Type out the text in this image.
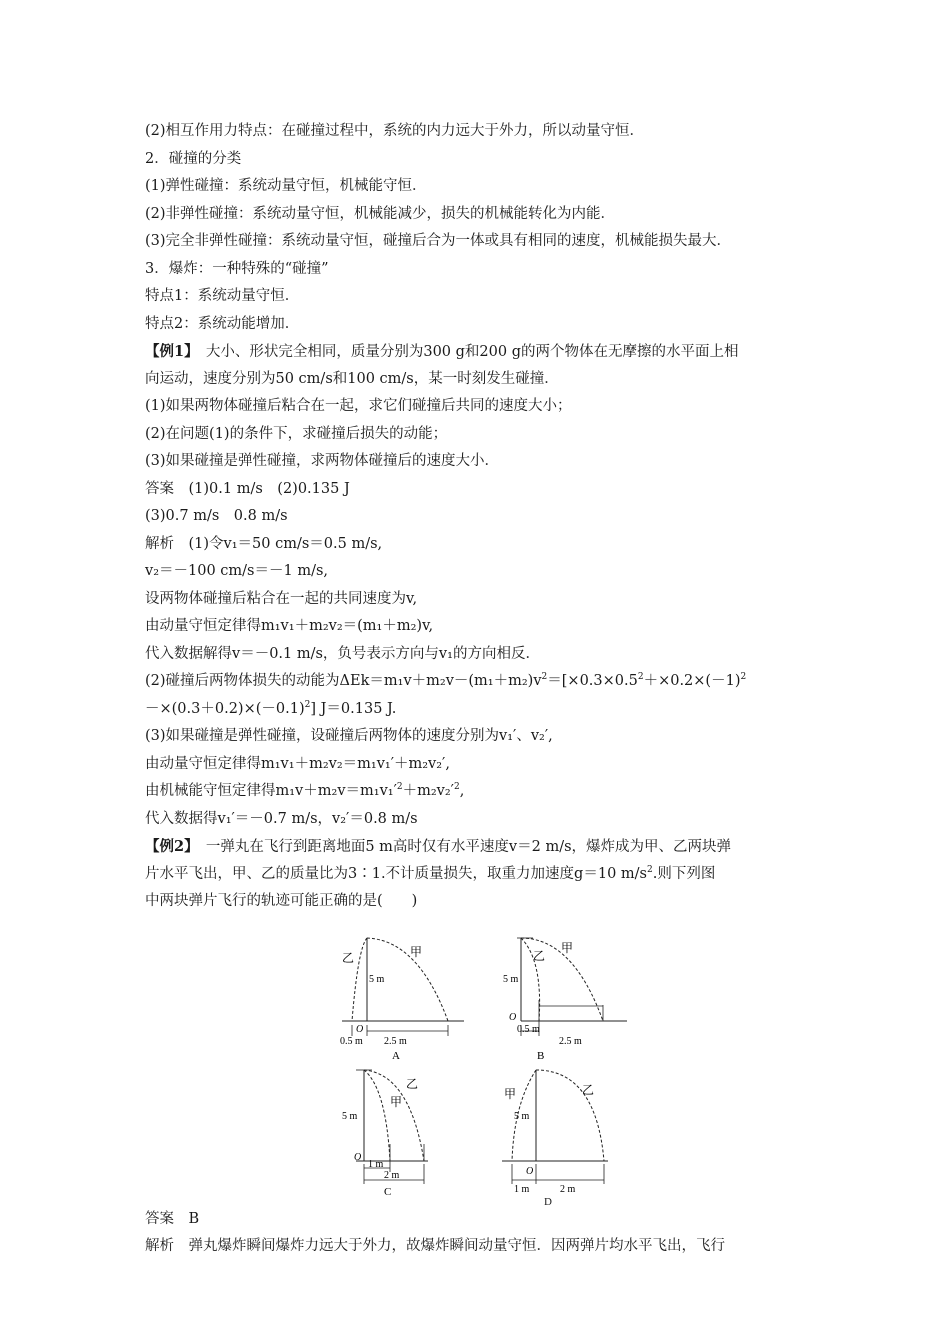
(2)相互作用力特点：在碰撞过程中，系统的内力远大于外力，所以动量守恒．
2．碰撞的分类
(1)弹性碰撞：系统动量守恒，机械能守恒．
(2)非弹性碰撞：系统动量守恒，机械能减少，损失的机械能转化为内能．
(3)完全非弹性碰撞：系统动量守恒，碰撞后合为一体或具有相同的速度，机械能损失最大．
3．爆炸：一种特殊的“碰撞”
特点1：系统动量守恒．
特点2：系统动能增加．
【例1】　大小、形状完全相同，质量分别为300 g和200 g的两个物体在无摩擦的水平面上相
向运动，速度分别为50 cm/s和100 cm/s，某一时刻发生碰撞．
(1)如果两物体碰撞后粘合在一起，求它们碰撞后共同的速度大小；
(2)在问题(1)的条件下，求碰撞后损失的动能；
(3)如果碰撞是弹性碰撞，求两物体碰撞后的速度大小．
答案　(1)0.1 m/s　(2)0.135 J
(3)0.7 m/s　0.8 m/s
解析　(1)令v₁＝50 cm/s＝0.5 m/s,
v₂＝－100 cm/s＝－1 m/s,
设两物体碰撞后粘合在一起的共同速度为v,
由动量守恒定律得m₁v₁＋m₂v₂＝(m₁＋m₂)v,
代入数据解得v＝－0.1 m/s，负号表示方向与v₁的方向相反．
(2)碰撞后两物体损失的动能为$\Delta Ek=m_1v+m_2v-(m_1+m_2)v^2=[\times 0.3\times 0.5^2+\times 0.2\times(-1)^2$
$-\times(0.3+0.2)\times(-0.1)^2$] J＝0.135 J.
(3)如果碰撞是弹性碰撞，设碰撞后两物体的速度分别为v₁′、v₂′,
由动量守恒定律得m₁v₁＋m₂v₂＝m₁v₁′＋m₂v₂′,
由机械能守恒定律得$m_1v+m_2v=m_1v_1'^2+m_2v_2'^2$,
代入数据得v₁′＝－0.7 m/s，v₂′＝0.8 m/s
【例2】　一弹丸在飞行到距离地面5 m高时仅有水平速度v＝2 m/s，爆炸成为甲、乙两块弹
片水平飞出，甲、乙的质量比为3∶1.不计质量损失，取重力加速度g＝10 $m/s^2$.则下列图
中两块弹片飞行的轨迹可能正确的是(　　)
乙	甲
5 m
O
0.5 m 2.5 m
A
乙
甲
5 m
O
0.5 m
2.5 m
B
甲
乙
5 m
O
1 m
2 m
C
甲	乙
5 m
O
1 m	2 m
D
答案　B
解析　弹丸爆炸瞬间爆炸力远大于外力，故爆炸瞬间动量守恒．因两弹片均水平飞出，飞行
